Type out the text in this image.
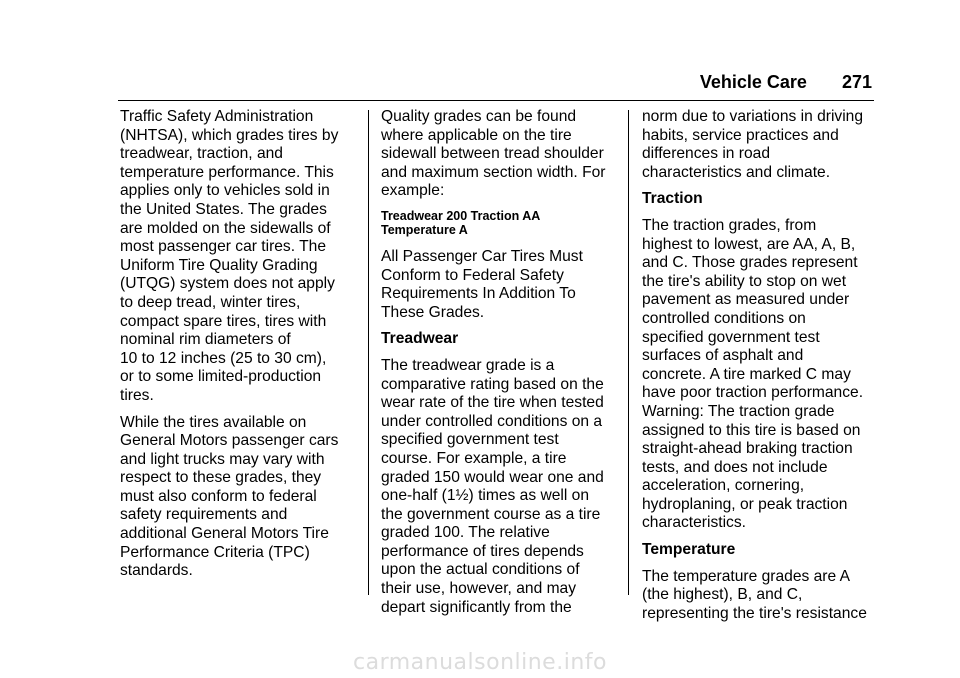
Vehicle Care 271

Traffic Safety Administration
(NHTSA), which grades tires by
treadwear, traction, and
temperature performance. This
applies only to vehicles sold in
the United States. The grades
are molded on the sidewalls of
most passenger car tires. The
Uniform Tire Quality Grading
(UTQG) system does not apply
to deep tread, winter tires,
compact spare tires, tires with
nominal rim diameters of
10 to 12 inches (25 to 30 cm),
or to some limited-production
tires.

While the tires available on
General Motors passenger cars
and light trucks may vary with
respect to these grades, they
must also conform to federal
safety requirements and
additional General Motors Tire
Performance Criteria (TPC)
standards.

Quality grades can be found
where applicable on the tire
sidewall between tread shoulder
and maximum section width. For
example:

Treadwear 200 Traction AA
Temperature A

All Passenger Car Tires Must
Conform to Federal Safety
Requirements In Addition To
These Grades.

Treadwear

The treadwear grade is a
comparative rating based on the
wear rate of the tire when tested
under controlled conditions on a
specified government test
course. For example, a tire
graded 150 would wear one and
one-half (1½) times as well on
the government course as a tire
graded 100. The relative
performance of tires depends
upon the actual conditions of
their use, however, and may
depart significantly from the

norm due to variations in driving
habits, service practices and
differences in road
characteristics and climate.

Traction

The traction grades, from
highest to lowest, are AA, A, B,
and C. Those grades represent
the tire's ability to stop on wet
pavement as measured under
controlled conditions on
specified government test
surfaces of asphalt and
concrete. A tire marked C may
have poor traction performance.
Warning: The traction grade
assigned to this tire is based on
straight-ahead braking traction
tests, and does not include
acceleration, cornering,
hydroplaning, or peak traction
characteristics.

Temperature

The temperature grades are A
(the highest), B, and C,
representing the tire's resistance

carmanualsonline.info
